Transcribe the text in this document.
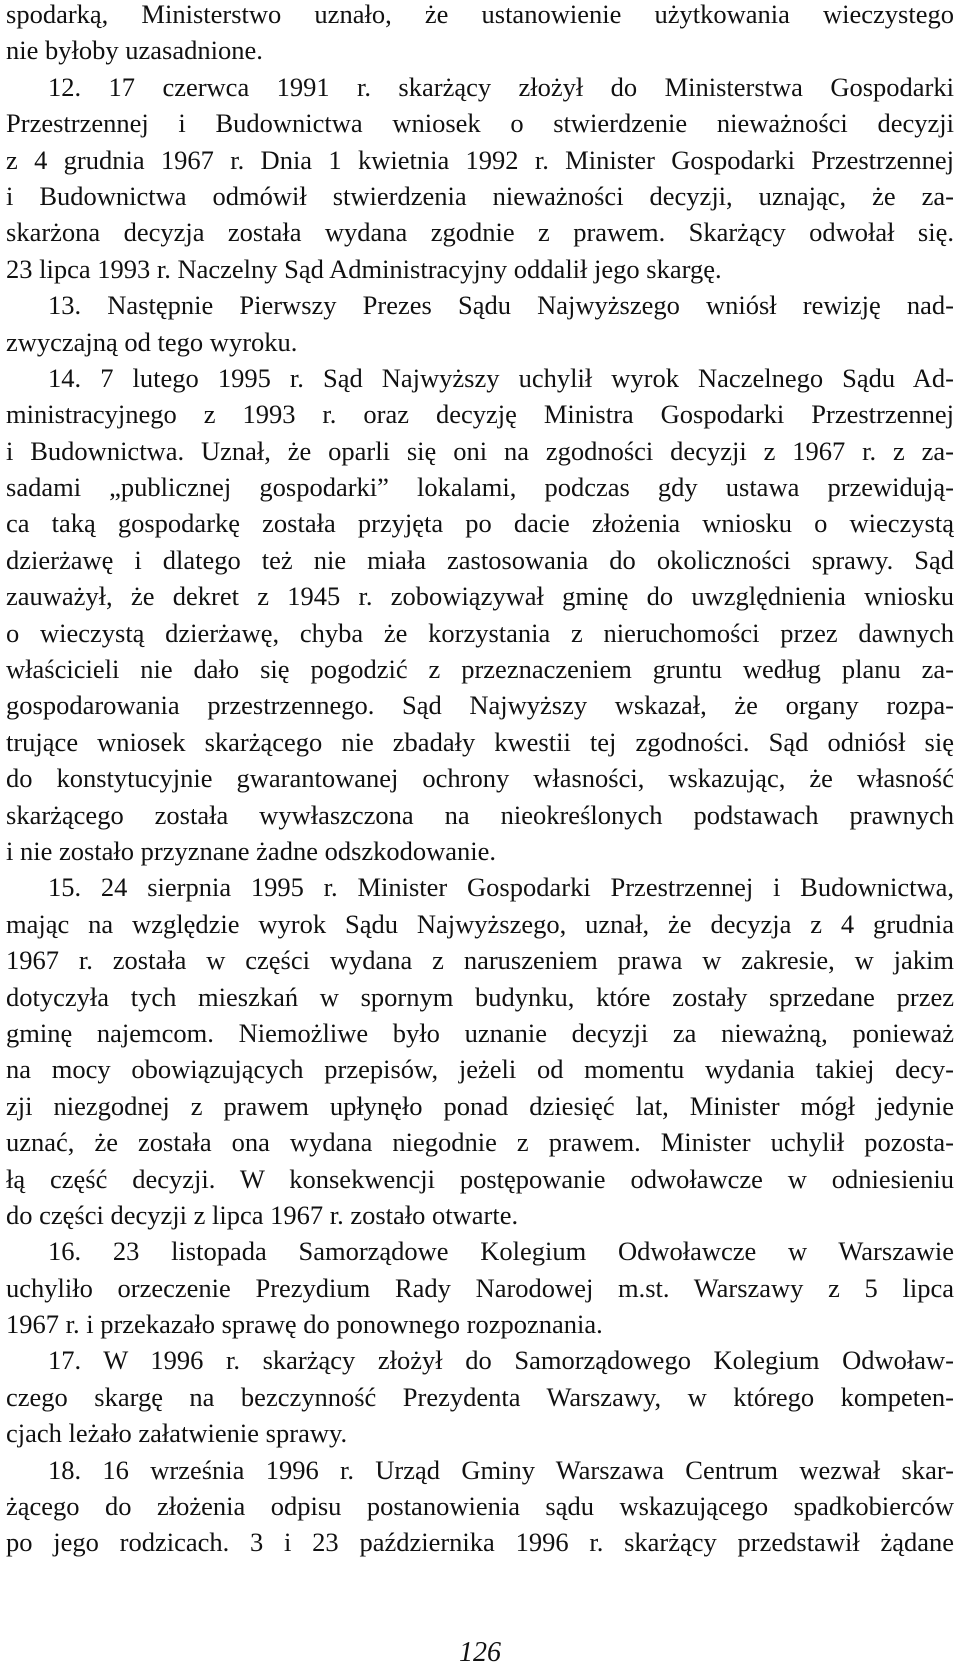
spodarką, Ministerstwo uznało, że ustanowienie użytkowania wieczystego
nie byłoby uzasadnione.
12. 17 czerwca 1991 r. skarżący złożył do Ministerstwa Gospodarki
Przestrzennej i Budownictwa wniosek o stwierdzenie nieważności decyzji
z 4 grudnia 1967 r. Dnia 1 kwietnia 1992 r. Minister Gospodarki Przestrzennej
i Budownictwa odmówił stwierdzenia nieważności decyzji, uznając, że za-
skarżona decyzja została wydana zgodnie z prawem. Skarżący odwołał się.
23 lipca 1993 r. Naczelny Sąd Administracyjny oddalił jego skargę.
13. Następnie Pierwszy Prezes Sądu Najwyższego wniósł rewizję nad-
zwyczajną od tego wyroku.
14. 7 lutego 1995 r. Sąd Najwyższy uchylił wyrok Naczelnego Sądu Ad-
ministracyjnego z 1993 r. oraz decyzję Ministra Gospodarki Przestrzennej
i Budownictwa. Uznał, że oparli się oni na zgodności decyzji z 1967 r. z za-
sadami „publicznej gospodarki” lokalami, podczas gdy ustawa przewidują-
ca taką gospodarkę została przyjęta po dacie złożenia wniosku o wieczystą
dzierżawę i dlatego też nie miała zastosowania do okoliczności sprawy. Sąd
zauważył, że dekret z 1945 r. zobowiązywał gminę do uwzględnienia wniosku
o wieczystą dzierżawę, chyba że korzystania z nieruchomości przez dawnych
właścicieli nie dało się pogodzić z przeznaczeniem gruntu według planu za-
gospodarowania przestrzennego. Sąd Najwyższy wskazał, że organy rozpa-
trujące wniosek skarżącego nie zbadały kwestii tej zgodności. Sąd odniósł się
do konstytucyjnie gwarantowanej ochrony własności, wskazując, że własność
skarżącego została wywłaszczona na nieokreślonych podstawach prawnych
i nie zostało przyznane żadne odszkodowanie.
15. 24 sierpnia 1995 r. Minister Gospodarki Przestrzennej i Budownictwa,
mając na względzie wyrok Sądu Najwyższego, uznał, że decyzja z 4 grudnia
1967 r. została w części wydana z naruszeniem prawa w zakresie, w jakim
dotyczyła tych mieszkań w spornym budynku, które zostały sprzedane przez
gminę najemcom. Niemożliwe było uznanie decyzji za nieważną, ponieważ
na mocy obowiązujących przepisów, jeżeli od momentu wydania takiej decy-
zji niezgodnej z prawem upłynęło ponad dziesięć lat, Minister mógł jedynie
uznać, że została ona wydana niegodnie z prawem. Minister uchylił pozosta-
łą część decyzji. W konsekwencji postępowanie odwoławcze w odniesieniu
do części decyzji z lipca 1967 r. zostało otwarte.
16. 23 listopada Samorządowe Kolegium Odwoławcze w Warszawie
uchyliło orzeczenie Prezydium Rady Narodowej m.st. Warszawy z 5 lipca
1967 r. i przekazało sprawę do ponownego rozpoznania.
17. W 1996 r. skarżący złożył do Samorządowego Kolegium Odwoław-
czego skargę na bezczynność Prezydenta Warszawy, w którego kompeten-
cjach leżało załatwienie sprawy.
18. 16 września 1996 r. Urząd Gminy Warszawa Centrum wezwał skar-
żącego do złożenia odpisu postanowienia sądu wskazującego spadkobierców
po jego rodzicach. 3 i 23 października 1996 r. skarżący przedstawił żądane
126
